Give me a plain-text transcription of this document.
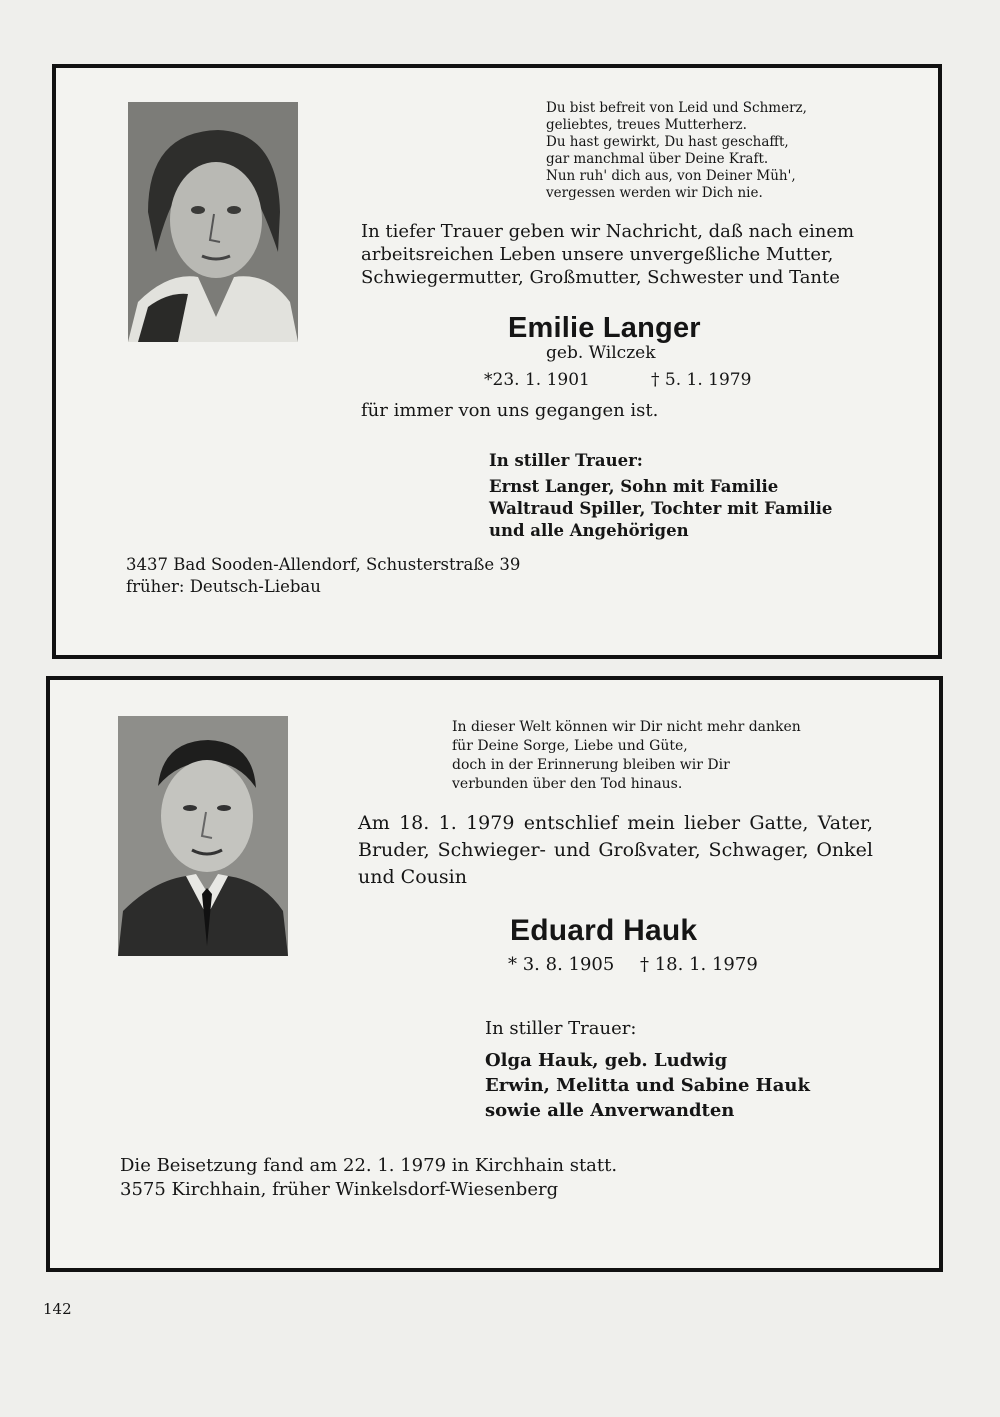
Du bist befreit von Leid und Schmerz,
geliebtes, treues Mutterherz.
Du hast gewirkt, Du hast geschafft,
gar manchmal über Deine Kraft.
Nun ruh' dich aus, von Deiner Müh',
vergessen werden wir Dich nie.
In tiefer Trauer geben wir Nachricht, daß nach einem arbeitsreichen Leben unsere unvergeßliche Mutter, Schwiegermutter, Großmutter, Schwester und Tante
Emilie Langer
geb. Wilczek
*23. 1. 1901	† 5. 1. 1979
für immer von uns gegangen ist.
In stiller Trauer:
Ernst Langer, Sohn mit Familie
Waltraud Spiller, Tochter mit Familie
und alle Angehörigen
3437 Bad Sooden-Allendorf, Schusterstraße 39
früher: Deutsch-Liebau
In dieser Welt können wir Dir nicht mehr danken
für Deine Sorge, Liebe und Güte,
doch in der Erinnerung bleiben wir Dir
verbunden über den Tod hinaus.
Am 18. 1. 1979 entschlief mein lieber Gatte, Vater, Bruder, Schwieger- und Großvater, Schwager, Onkel und Cousin
Eduard Hauk
* 3. 8. 1905 † 18. 1. 1979
In stiller Trauer:
Olga Hauk, geb. Ludwig
Erwin, Melitta und Sabine Hauk
sowie alle Anverwandten
Die Beisetzung fand am 22. 1. 1979 in Kirchhain statt.
3575 Kirchhain, früher Winkelsdorf-Wiesenberg
142
